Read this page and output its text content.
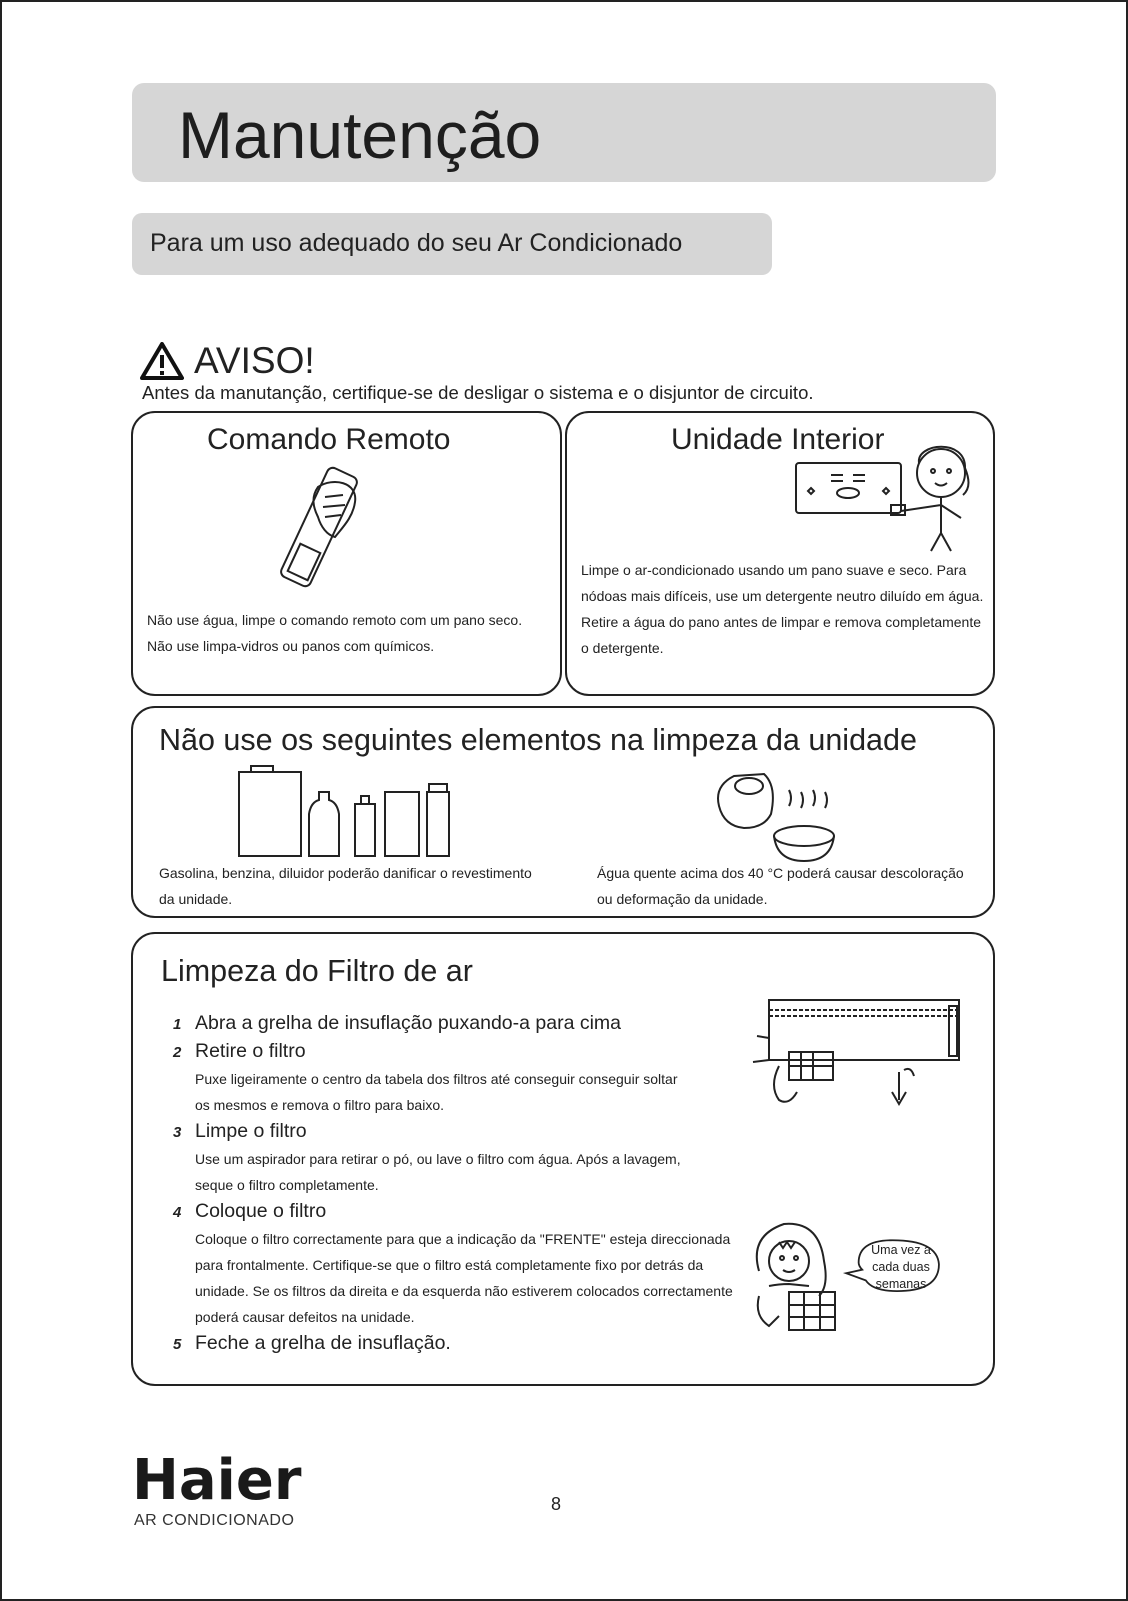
Manutenção
Para um uso adequado do seu Ar Condicionado
AVISO!
Antes da manutanção, certifique-se de desligar o sistema e o disjuntor de circuito.
Comando Remoto
Não use água, limpe o comando remoto com um pano seco. Não use limpa-vidros ou panos com químicos.
Unidade Interior
Limpe o ar-condicionado usando um pano suave e seco. Para nódoas mais difíceis, use um detergente neutro diluído em água. Retire a água do pano antes de limpar e remova completamente o detergente.
Não use os seguintes elementos na limpeza da unidade
Gasolina, benzina, diluidor poderão danificar o revestimento da unidade.
Água quente acima dos 40 °C poderá causar descoloração ou deformação da unidade.
Limpeza do Filtro de ar
1 Abra a grelha de insuflação puxando-a para cima
2 Retire o filtro
Puxe ligeiramente o centro da tabela dos filtros até conseguir conseguir soltar os mesmos e remova o filtro para baixo.
3 Limpe o filtro
Use um aspirador para retirar o pó, ou lave o filtro com água. Após a lavagem, seque o filtro completamente.
4 Coloque o filtro
Coloque o filtro correctamente para que a indicação da "FRENTE" esteja direccionada para frontalmente. Certifique-se que o filtro está completamente fixo por detrás da unidade. Se os filtros da direita e da esquerda não estiverem colocados correctamente poderá causar defeitos na unidade.
5 Feche a grelha de insuflação.
Uma vez a cada duas semanas
Haier
AR CONDICIONADO
8
